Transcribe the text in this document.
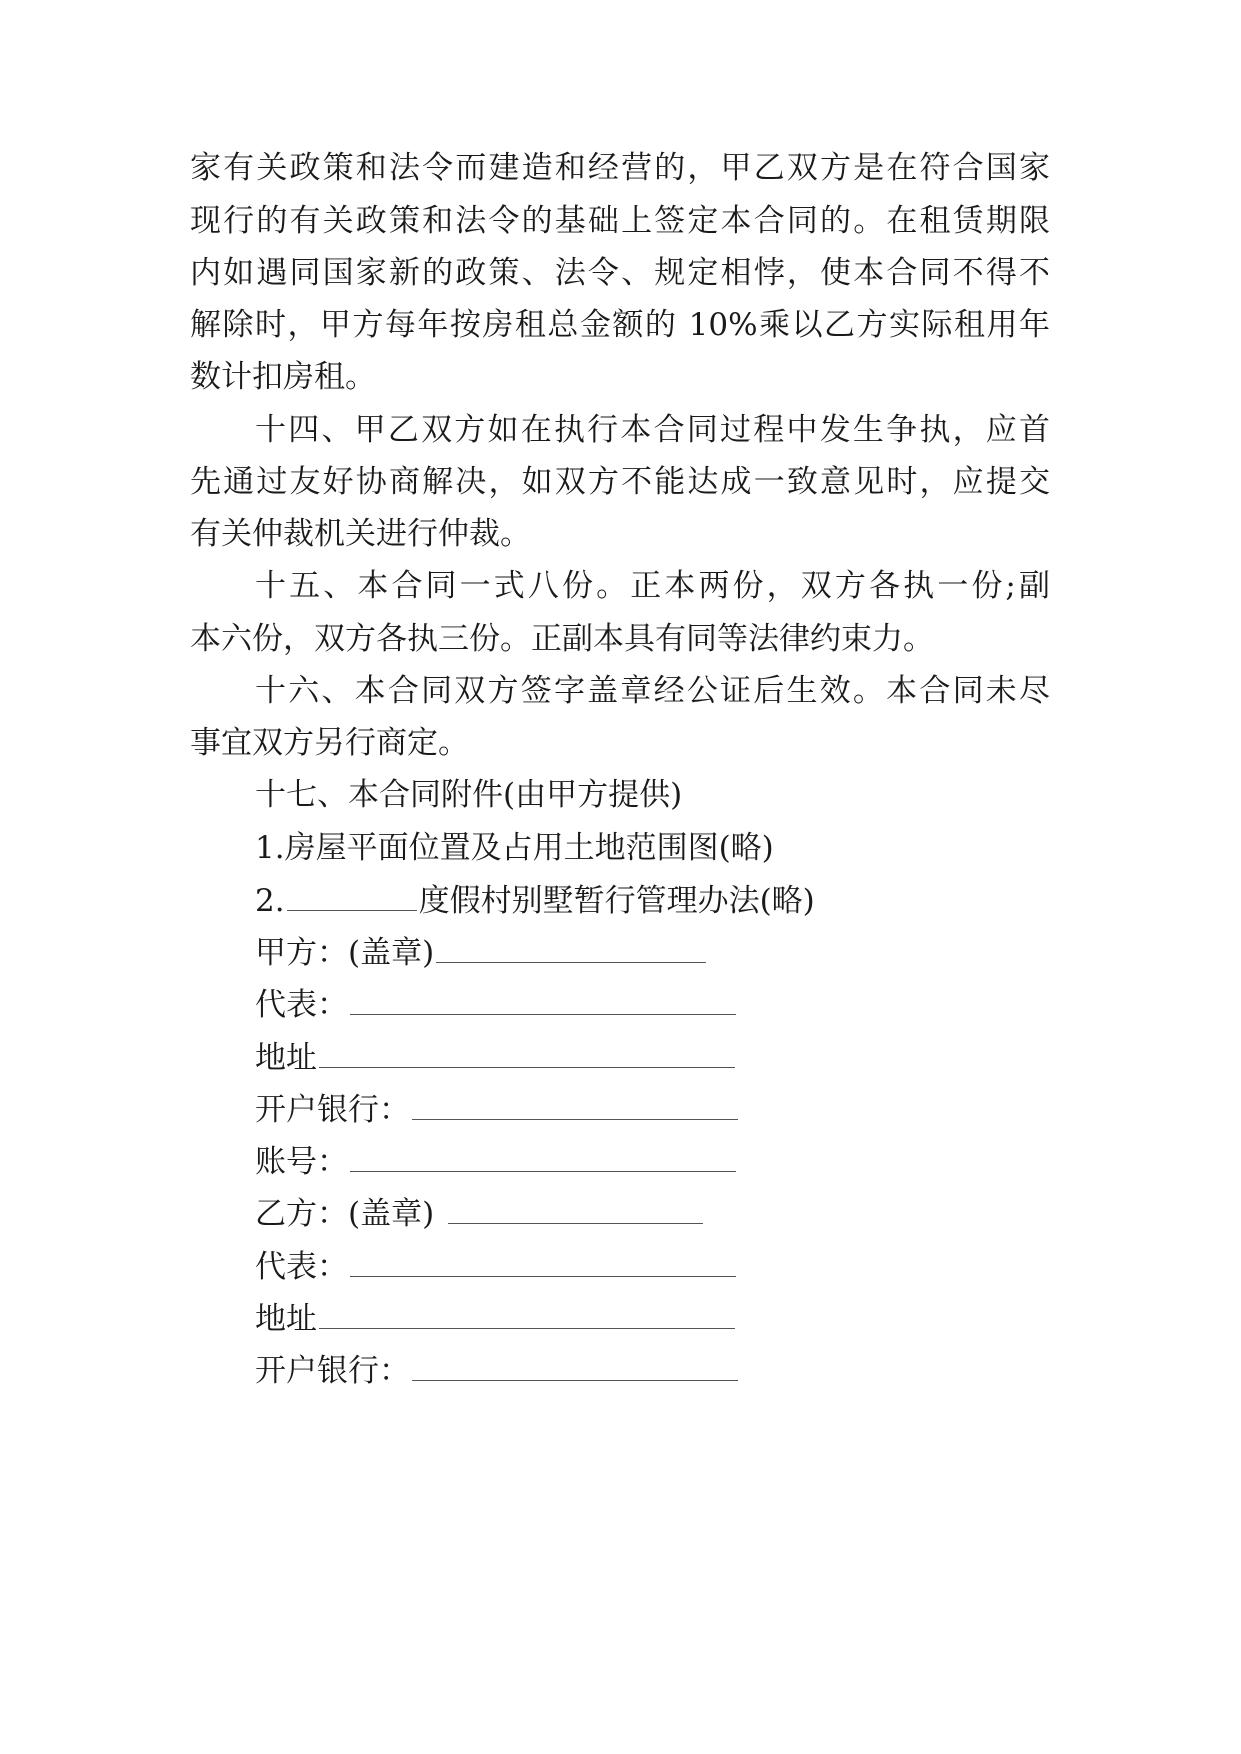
家有关政策和法令而建造和经营的，甲乙双方是在符合国家
现行的有关政策和法令的基础上签定本合同的。在租赁期限
内如遇同国家新的政策、法令、规定相悖，使本合同不得不
解除时，甲方每年按房租总金额的 10%乘以乙方实际租用年
数计扣房租。
十四、甲乙双方如在执行本合同过程中发生争执，应首
先通过友好协商解决，如双方不能达成一致意见时，应提交
有关仲裁机关进行仲裁。
十五、本合同一式八份。正本两份，双方各执一份;副
本六份，双方各执三份。正副本具有同等法律约束力。
十六、本合同双方签字盖章经公证后生效。本合同未尽
事宜双方另行商定。
十七、本合同附件(由甲方提供)
1.房屋平面位置及占用土地范围图(略)
2.	度假村别墅暂行管理办法(略)
甲方：(盖章)
代表：
地址
开户银行：
账号：
乙方：(盖章)
代表：
地址
开户银行：
